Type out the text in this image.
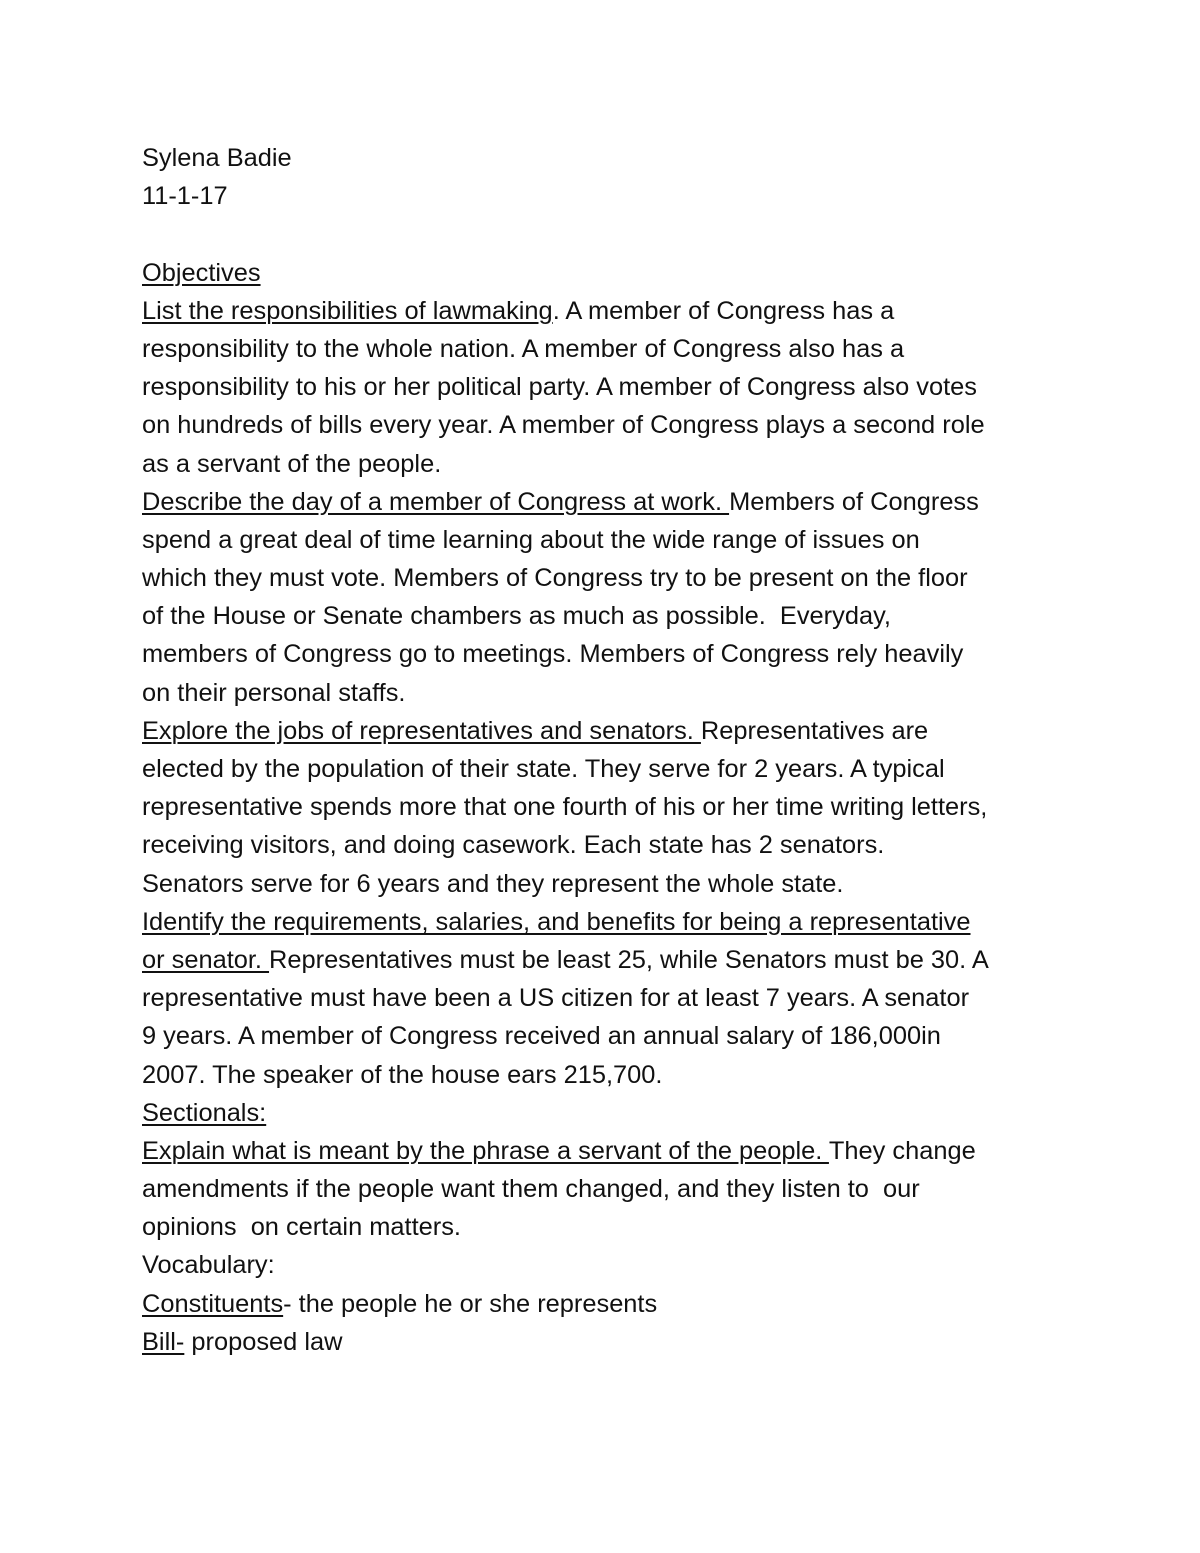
Sylena Badie
11-1-17
Objectives
List the responsibilities of lawmaking. A member of Congress has a
responsibility to the whole nation. A member of Congress also has a
responsibility to his or her political party. A member of Congress also votes
on hundreds of bills every year. A member of Congress plays a second role
as a servant of the people.
Describe the day of a member of Congress at work. Members of Congress
spend a great deal of time learning about the wide range of issues on
which they must vote. Members of Congress try to be present on the floor
of the House or Senate chambers as much as possible.  Everyday,
members of Congress go to meetings. Members of Congress rely heavily
on their personal staffs.
Explore the jobs of representatives and senators. Representatives are
elected by the population of their state. They serve for 2 years. A typical
representative spends more that one fourth of his or her time writing letters,
receiving visitors, and doing casework. Each state has 2 senators.
Senators serve for 6 years and they represent the whole state.
Identify the requirements, salaries, and benefits for being a representative
or senator. Representatives must be least 25, while Senators must be 30. A
representative must have been a US citizen for at least 7 years. A senator
9 years. A member of Congress received an annual salary of 186,000in
2007. The speaker of the house ears 215,700.
Sectionals:
Explain what is meant by the phrase a servant of the people. They change
amendments if the people want them changed, and they listen to  our
opinions  on certain matters.
Vocabulary:
Constituents- the people he or she represents
Bill- proposed law
